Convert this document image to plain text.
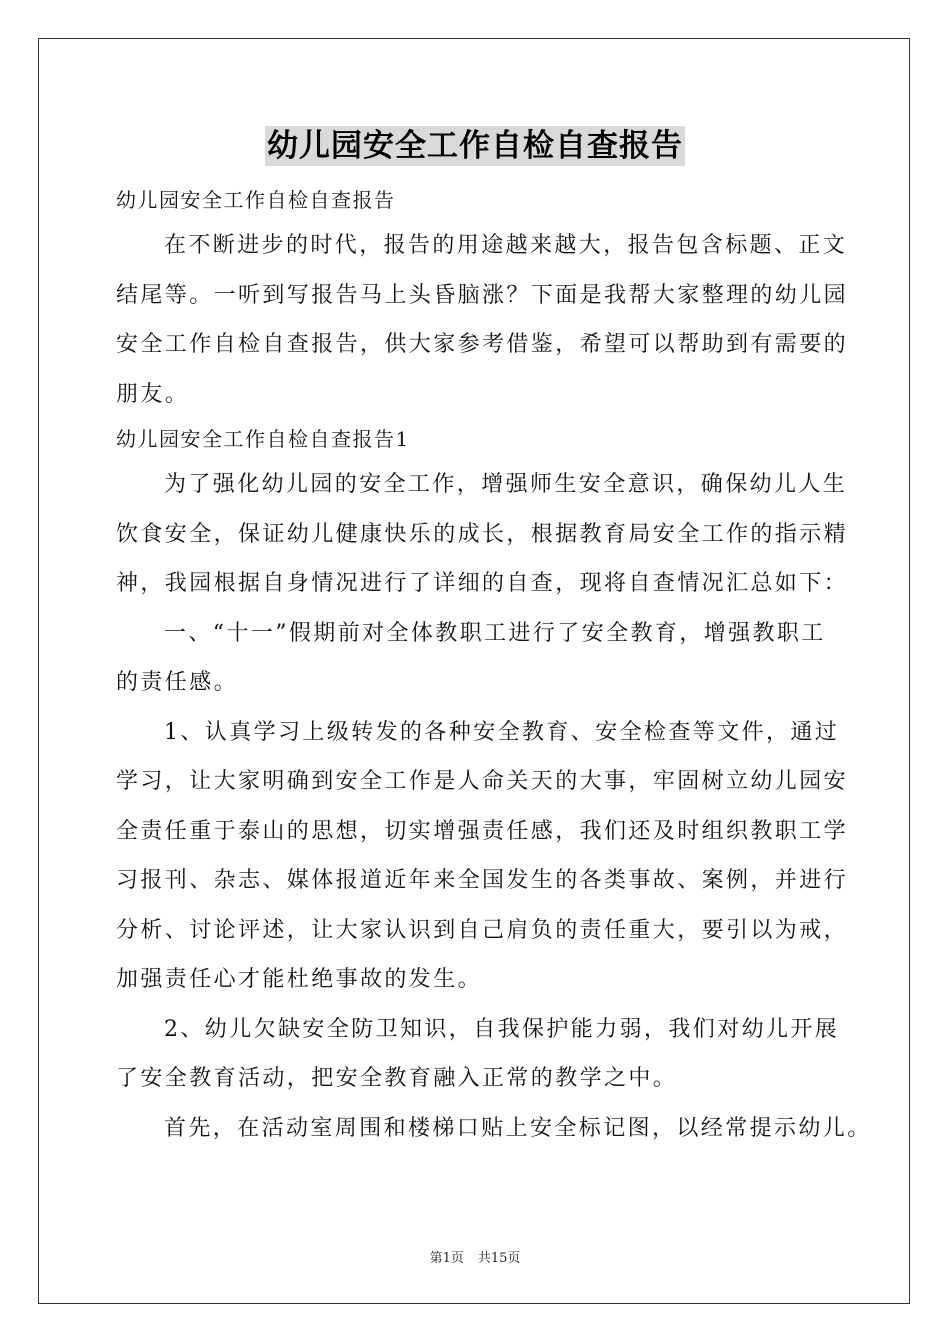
幼儿园安全工作自检自查报告

幼儿园安全工作自检自查报告

在不断进步的时代，报告的用途越来越大，报告包含标题、正文

结尾等。一听到写报告马上头昏脑涨？下面是我帮大家整理的幼儿园

安全工作自检自查报告，供大家参考借鉴，希望可以帮助到有需要的

朋友。

幼儿园安全工作自检自查报告1

为了强化幼儿园的安全工作，增强师生安全意识，确保幼儿人生

饮食安全，保证幼儿健康快乐的成长，根据教育局安全工作的指示精

神，我园根据自身情况进行了详细的自查，现将自查情况汇总如下：

一、“十一”假期前对全体教职工进行了安全教育，增强教职工

的责任感。

1、认真学习上级转发的各种安全教育、安全检查等文件，通过

学习，让大家明确到安全工作是人命关天的大事，牢固树立幼儿园安

全责任重于泰山的思想，切实增强责任感，我们还及时组织教职工学

习报刊、杂志、媒体报道近年来全国发生的各类事故、案例，并进行

分析、讨论评述，让大家认识到自己肩负的责任重大，要引以为戒，

加强责任心才能杜绝事故的发生。

2、幼儿欠缺安全防卫知识，自我保护能力弱，我们对幼儿开展

了安全教育活动，把安全教育融入正常的教学之中。

首先，在活动室周围和楼梯口贴上安全标记图，以经常提示幼儿。

第1页 共15页
